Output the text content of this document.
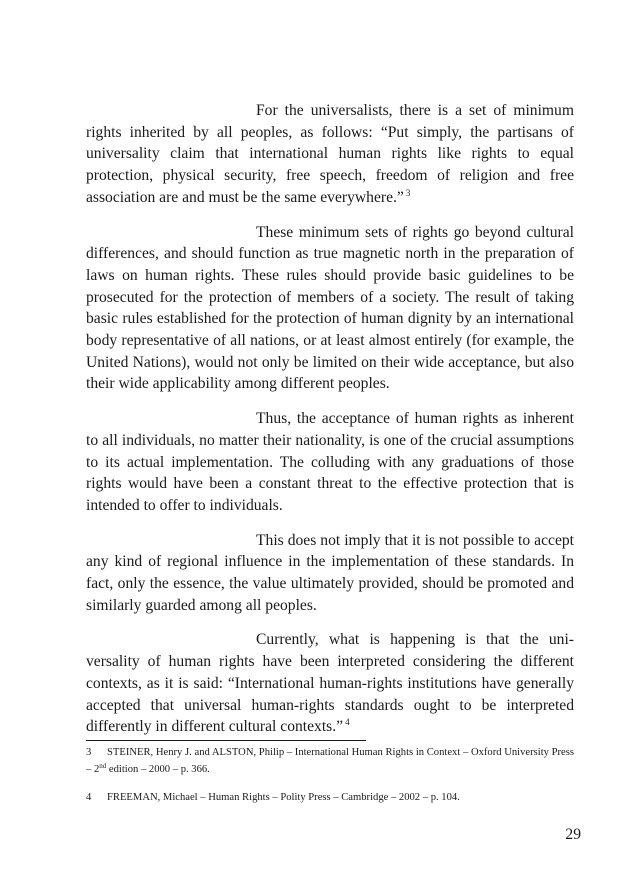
For the universalists, there is a set of minimum rights inherited by all peoples, as follows: “Put simply, the partisans of universality claim that international human rights like rights to equal protection, physical security, free speech, freedom of religion and free association are and must be the same everywhere.” $^3$

These minimum sets of rights go beyond cultural differences, and should function as true magnetic north in the preparation of laws on human rights. These rules should provide basic guidelines to be prosecuted for the protection of members of a society. The result of taking basic rules established for the protection of human dignity by an international body representative of all nations, or at least almost entirely (for example, the United Nations), would not only be limited on their wide acceptance, but also their wide applicability among different peoples.

Thus, the acceptance of human rights as inherent to all individuals, no matter their nationality, is one of the crucial assumptions to its actual implementation. The colluding with any graduations of those rights would have been a constant threat to the effective protection that is intended to offer to individuals.

This does not imply that it is not possible to accept any kind of regional influence in the implementation of these standards. In fact, only the essence, the value ultimately provided, should be promoted and similarly guarded among all peoples.

Currently, what is happening is that the universality of human rights have been interpreted considering the different contexts, as it is said: “International human-rights institutions have generally accepted that universal human-rights standards ought to be interpreted differently in different cultural contexts.” $^4$

3 STEINER, Henry J. and ALSTON, Philip – International Human Rights in Context – Oxford University Press – 2nd edition – 2000 – p. 366.

4 FREEMAN, Michael – Human Rights – Polity Press – Cambridge – 2002 – p. 104.

29
